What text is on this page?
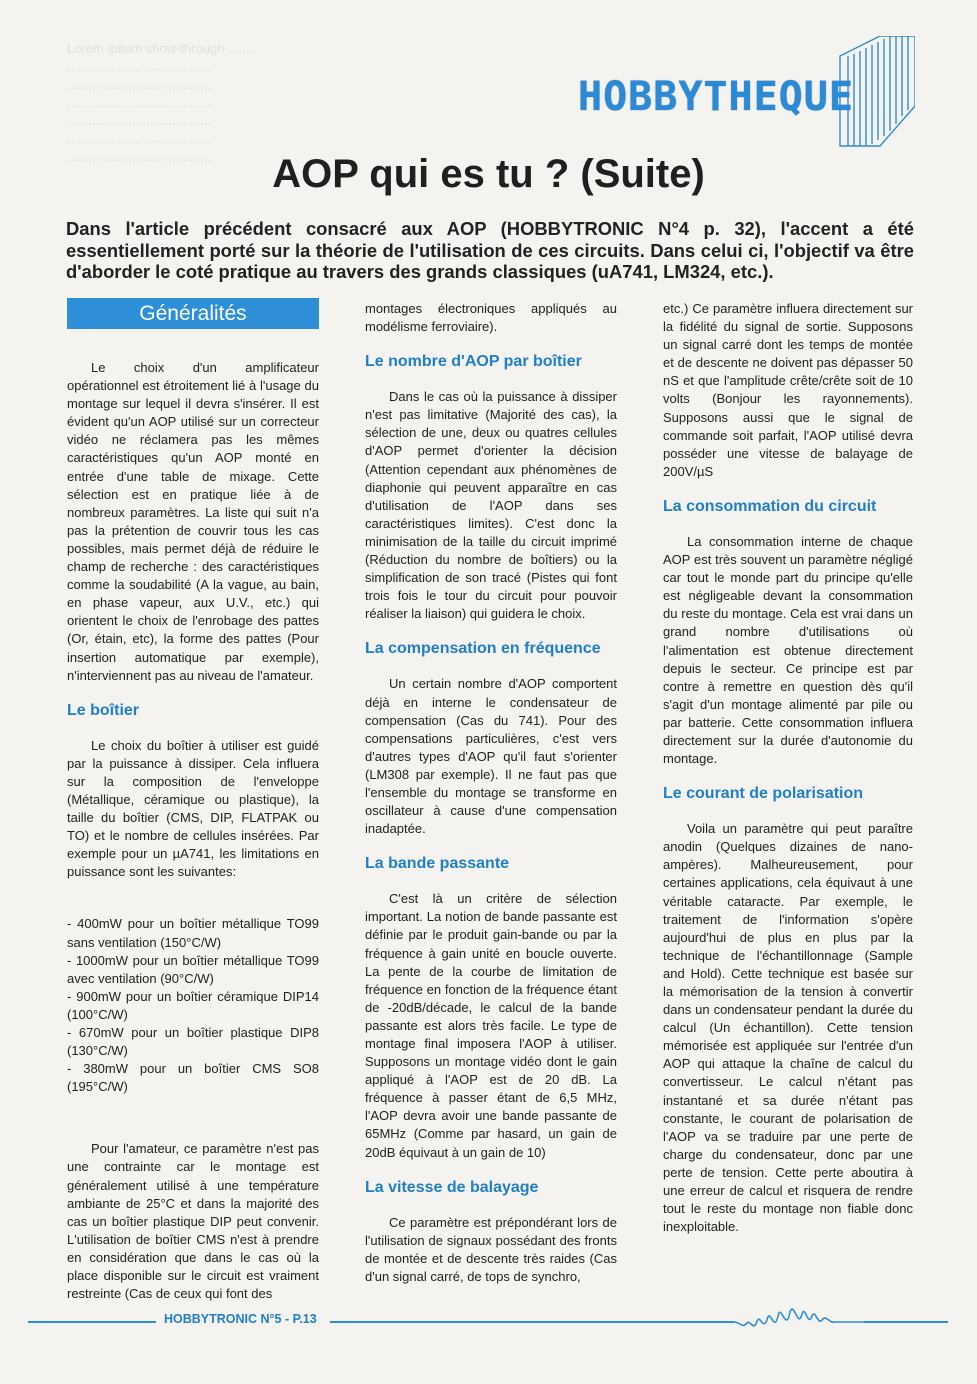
Lorem ipsum show-through ........
........................................
........................................
........................................
........................................
........................................
........................................
HOBBYTHEQUE
AOP qui es tu ? (Suite)

Dans l'article précédent consacré aux AOP (HOBBYTRONIC N°4 p. 32), l'accent a été essentiellement porté sur la théorie de l'utilisation de ces circuits. Dans celui ci, l'objectif va être d'aborder le coté pratique au travers des grands classiques (uA741, LM324, etc.).

Généralités

Le choix d'un amplificateur opérationnel est étroitement lié à l'usage du montage sur lequel il devra s'insérer. Il est évident qu'un AOP utilisé sur un correcteur vidéo ne réclamera pas les mêmes caractéristiques qu'un AOP monté en entrée d'une table de mixage. Cette sélection est en pratique liée à de nombreux paramètres. La liste qui suit n'a pas la prétention de couvrir tous les cas possibles, mais permet déjà de réduire le champ de recherche : des caractéristiques comme la soudabilité (A la vague, au bain, en phase vapeur, aux U.V., etc.) qui orientent le choix de l'enrobage des pattes (Or, étain, etc), la forme des pattes (Pour insertion automatique par exemple), n'interviennent pas au niveau de l'amateur.

Le boîtier

Le choix du boîtier à utiliser est guidé par la puissance à dissiper. Cela influera sur la composition de l'enveloppe (Métallique, céramique ou plastique), la taille du boîtier (CMS, DIP, FLATPAK ou TO) et le nombre de cellules insérées. Par exemple pour un µA741, les limitations en puissance sont les suivantes:

- 400mW pour un boîtier métallique TO99 sans ventilation (150°C/W)

- 1000mW pour un boîtier métallique TO99 avec ventilation (90°C/W)

- 900mW pour un boîtier céramique DIP14 (100°C/W)

- 670mW pour un boîtier plastique DIP8 (130°C/W)

- 380mW pour un boîtier CMS SO8 (195°C/W)

Pour l'amateur, ce paramètre n'est pas une contrainte car le montage est généralement utilisé à une température ambiante de 25°C et dans la majorité des cas un boîtier plastique DIP peut convenir. L'utilisation de boîtier CMS n'est à prendre en considération que dans le cas où la place disponible sur le circuit est vraiment restreinte (Cas de ceux qui font des

montages électroniques appliqués au modélisme ferroviaire).

Le nombre d'AOP par boîtier

Dans le cas où la puissance à dissiper n'est pas limitative (Majorité des cas), la sélection de une, deux ou quatres cellules d'AOP permet d'orienter la décision (Attention cependant aux phénomènes de diaphonie qui peuvent apparaître en cas d'utilisation de l'AOP dans ses caractéristiques limites). C'est donc la minimisation de la taille du circuit imprimé (Réduction du nombre de boîtiers) ou la simplification de son tracé (Pistes qui font trois fois le tour du circuit pour pouvoir réaliser la liaison) qui guidera le choix.

La compensation en fréquence

Un certain nombre d'AOP comportent déjà en interne le condensateur de compensation (Cas du 741). Pour des compensations particulières, c'est vers d'autres types d'AOP qu'il faut s'orienter (LM308 par exemple). Il ne faut pas que l'ensemble du montage se transforme en oscillateur à cause d'une compensation inadaptée.

La bande passante

C'est là un critère de sélection important. La notion de bande passante est définie par le produit gain-bande ou par la fréquence à gain unité en boucle ouverte. La pente de la courbe de limitation de fréquence en fonction de la fréquence étant de -20dB/décade, le calcul de la bande passante est alors très facile. Le type de montage final imposera l'AOP à utiliser. Supposons un montage vidéo dont le gain appliqué à l'AOP est de 20 dB. La fréquence à passer étant de 6,5 MHz, l'AOP devra avoir une bande passante de 65MHz (Comme par hasard, un gain de 20dB équivaut à un gain de 10)

La vitesse de balayage

Ce paramètre est prépondérant lors de l'utilisation de signaux possédant des fronts de montée et de descente très raides (Cas d'un signal carré, de tops de synchro,

etc.) Ce paramètre influera directement sur la fidélité du signal de sortie. Supposons un signal carré dont les temps de montée et de descente ne doivent pas dépasser 50 nS et que l'amplitude crête/crête soit de 10 volts (Bonjour les rayonnements). Supposons aussi que le signal de commande soit parfait, l'AOP utilisé devra posséder une vitesse de balayage de 200V/µS

La consommation du circuit

La consommation interne de chaque AOP est très souvent un paramètre négligé car tout le monde part du principe qu'elle est négligeable devant la consommation du reste du montage. Cela est vrai dans un grand nombre d'utilisations où l'alimentation est obtenue directement depuis le secteur. Ce principe est par contre à remettre en question dès qu'il s'agit d'un montage alimenté par pile ou par batterie. Cette consommation influera directement sur la durée d'autonomie du montage.

Le courant de polarisation

Voila un paramètre qui peut paraître anodin (Quelques dizaines de nano-ampères). Malheureusement, pour certaines applications, cela équivaut à une véritable cataracte. Par exemple, le traitement de l'information s'opère aujourd'hui de plus en plus par la technique de l'échantillonnage (Sample and Hold). Cette technique est basée sur la mémorisation de la tension à convertir dans un condensateur pendant la durée du calcul (Un échantillon). Cette tension mémorisée est appliquée sur l'entrée d'un AOP qui attaque la chaîne de calcul du convertisseur. Le calcul n'étant pas instantané et sa durée n'étant pas constante, le courant de polarisation de l'AOP va se traduire par une perte de charge du condensateur, donc par une perte de tension. Cette perte aboutira à une erreur de calcul et risquera de rendre tout le reste du montage non fiable donc inexploitable.

HOBBYTRONIC N°5 - P.13
